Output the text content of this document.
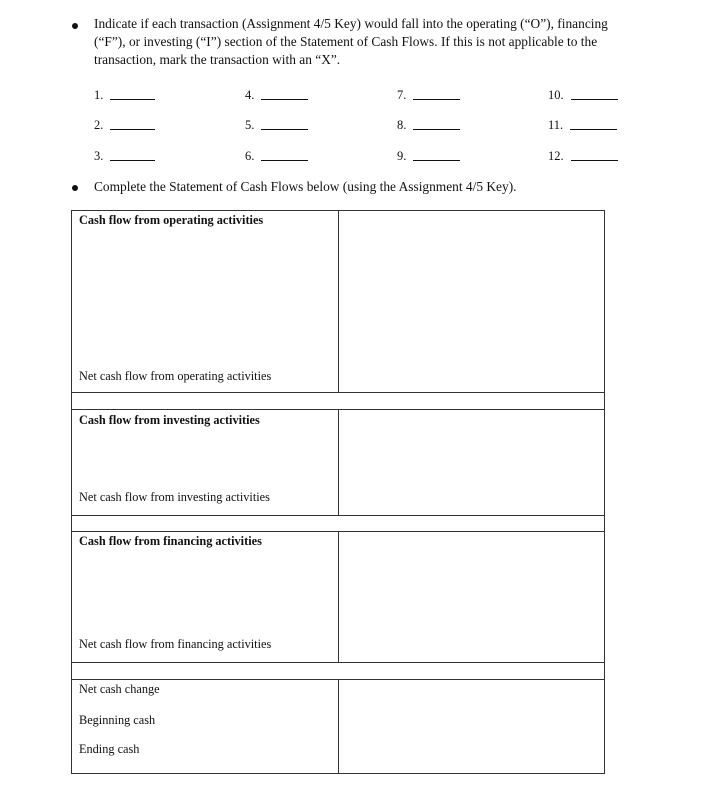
Indicate if each transaction (Assignment 4/5 Key) would fall into the operating (“O”), financing (“F”), or investing (“I”) section of the Statement of Cash Flows. If this is not applicable to the transaction, mark the transaction with an “X”.

1.
2.
3.
4.
5.
6.
7.
8.
9.
10.
11.
12.

Complete the Statement of Cash Flows below (using the Assignment 4/5 Key).

Cash flow from operating activities
Net cash flow from operating activities
Cash flow from investing activities
Net cash flow from investing activities
Cash flow from financing activities
Net cash flow from financing activities
Net cash change
Beginning cash
Ending cash
